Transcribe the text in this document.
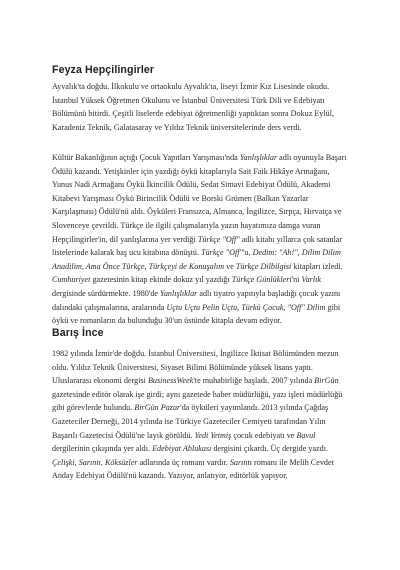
Feyza Hepçilingirler

Ayvalık'ta doğdu. İlkokulu ve ortaokulu Ayvalık'ta, liseyi İzmir Kız Lisesinde okudu. İstanbul Yüksek Öğretmen Okulunu ve İstanbul Üniversitesi Türk Dili ve Edebiyatı Bölümünü bitirdi. Çeşitli liselerde edebiyat öğretmenliği yaptıktan sonra Dokuz Eylül, Karadeniz Teknik, Galatasaray ve Yıldız Teknik üniversitelerinde ders verdi.

Kültür Bakanlığının açtığı Çocuk Yapıtları Yarışması'nda Yanlışlıklar adlı oyunuyla Başarı Ödülü kazandı. Yetişkinler için yazdığı öykü kitaplarıyla Sait Faik Hikâye Armağanı, Yunus Nadi Armağanı Öykü İkincilik Ödülü, Sedat Simavi Edebiyat Ödülü, Akademi Kitabevi Yarışması Öykü Birincilik Ödülü ve Borski Grümen (Balkan Yazarlar Karşılaşması) Ödülü'nü aldı. Öyküleri Fransızca, Almanca, İngilizce, Sırpça, Hırvatça ve Slovenceye çevrildi. Türkçe ile ilgili çalışmalarıyla yazın hayatımıza damga vuran Hepçilingirler'in, dil yanlışlarına yer verdiği Türkçe "Off" adlı kitabı yıllarca çok satanlar listelerinde kalarak baş ucu kitabına dönüştü. Türkçe "Off"'u, Dedim: "Ah!", Dilim Dilim Anadilim, Ama Önce Türkçe, Türkçeyi de Konuşalım ve Türkçe Dilbilgisi kitapları izledi. Cumhuriyet gazetesinin kitap ekinde dokuz yıl yazdığı Türkçe Günlükleri'ni Varlık dergisinde sürdürmekte. 1980'de Yanlışlıklar adlı tiyatro yapıtıyla başladığı çocuk yazını dalındaki çalışmalarına, aralarında Uçtu Uçtu Pelin Uçtu, Türkü Çocuk, "Off" Dilim gibi öykü ve romanların da bulunduğu 30'un üstünde kitapla devam ediyor.

Barış İnce

1982 yılında İzmir'de doğdu. İstanbul Üniversitesi, İngilizce İktisat Bölümünden mezun oldu. Yıldız Teknik Üniversitesi, Siyaset Bilimi Bölümünde yüksek lisans yaptı. Uluslararası ekonomi dergisi BusinessWeek'te muhabirliğe başladı. 2007 yılında BirGün gazetesinde editör olarak işe girdi; aynı gazetede haber müdürlüğü, yazı işleri müdürlüğü gibi görevlerde bulundu. BirGün Pazar'da öyküleri yayımlandı. 2013 yılında Çağdaş Gazeteciler Derneği, 2014 yılında ise Türkiye Gazeteciler Cemiyeti tarafından Yılın Başarılı Gazetecisi Ödülü'ne layık görüldü. Yedi Yetmiş çocuk edebiyatı ve Bavul dergilerinin çıkışında yer aldı. Edebiyat Ablukası dergisini çıkardı. Üç dergide yazdı. Çelişki, Sarıntı, Köksüzler adlarında üç romanı vardır. Sarıntı romanı ile Melih Cevdet Anday Edebiyat Ödülü'nü kazandı. Yazıyor, anlatıyor, editörlük yapıyor.
